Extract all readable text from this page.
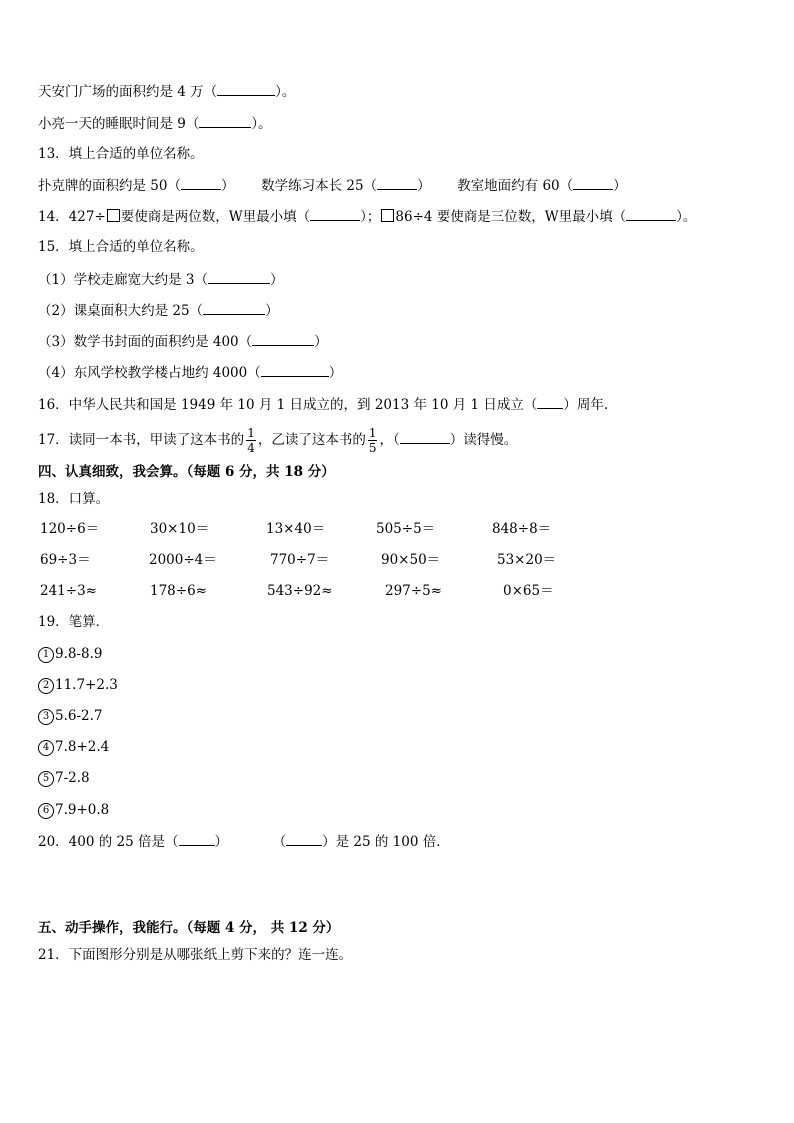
天安门广场的面积约是 4 万（	）。
小亮一天的睡眠时间是 9（	）。
13．填上合适的单位名称。
扑克牌的面积约是 50（	） 数学练习本长 25（	） 教室地面约有 60（	）
14．427÷ 要使商是两位数，W里最小填（	）； 86÷4 要使商是三位数，W里最小填（	）。
15．填上合适的单位名称。
（1）学校走廊宽大约是 3（	）
（2）课桌面积大约是 25（	）
（3）数学书封面的面积约是 400（	）
（4）东风学校教学楼占地约 4000（	）
16．中华人民共和国是 1949 年 10 月 1 日成立的，到 2013 年 10 月 1 日成立（ ）周年．
17．读同一本书，甲读了这本书的 $\frac{1}{4}$ ，乙读了这本书的 $\frac{1}{5}$ ，（	）读得慢。
四、认真细致，我会算。（每题 6 分，共 18 分）
18．口算。
120÷6＝	30×10＝	13×40＝	505÷5＝	848÷8＝
69÷3＝	2000÷4＝	770÷7＝	90×50＝	53×20＝
241÷3≈	178÷6≈	543÷92≈	297÷5≈	0×65＝
19．笔算．
1 9.8-8.9
2 11.7+2.3
3 5.6-2.7
4 7.8+2.4
5 7-2.8
6 7.9+0.8
20．400 的 25 倍是（	）	（	）是 25 的 100 倍．
五、动手操作，我能行。（每题 4 分， 共 12 分）
21．下面图形分别是从哪张纸上剪下来的？连一连。
